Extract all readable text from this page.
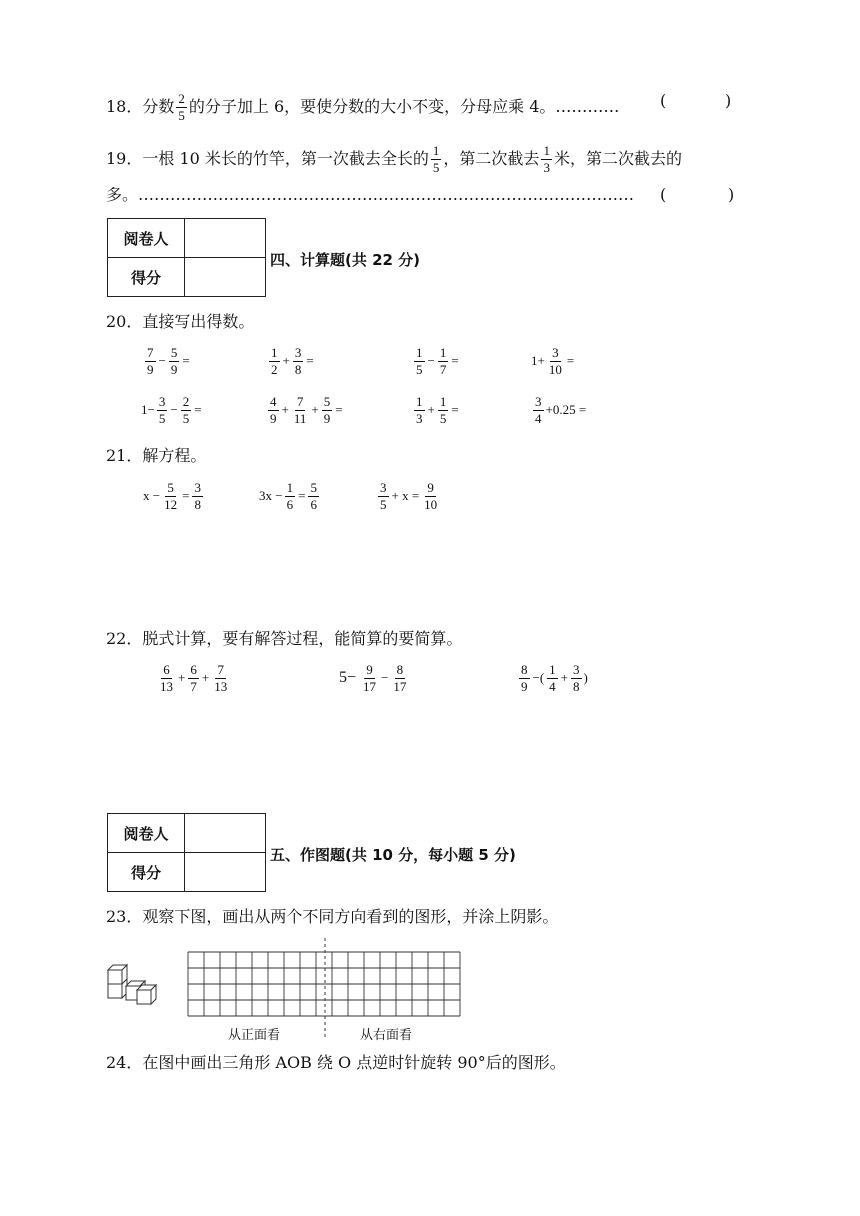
18． 分数 $\frac{2}{5}$ 的分子加上 6，要使分数的大小不变，分母应乘 4。…………	(	)
19． 一根 10 米长的竹竿，第一次截去全长的 $\frac{1}{5}$ ，第二次截去 $\frac{1}{3}$ 米，第二次截去的
多。…………………………………………………………………………………	(	)
阅卷人	
得分	
四、计算题(共 22 分)
20．直接写出得数。
$\frac{7}{9} - \frac{5}{9}$ =	$\frac{1}{2} + \frac{3}{8}$ =	$\frac{1}{5} - \frac{1}{7}$ =	$1+ \frac{3}{10}$ =
$1- \frac{3}{5} - \frac{2}{5}$ =	$\frac{4}{9} + \frac{7}{11} + \frac{5}{9}$ =	$\frac{1}{3} + \frac{1}{5}$ =	$\frac{3}{4} +0.25$ =
21．解方程。
$x - \frac{5}{12} = \frac{3}{8}$	$3x - \frac{1}{6} = \frac{5}{6}$	$\frac{3}{5} + x = \frac{9}{10}$
22．脱式计算，要有解答过程，能简算的要简算。
$\frac{6}{13} + \frac{6}{7} + \frac{7}{13}$	$5- \frac{9}{17} - \frac{8}{17}$	$\frac{8}{9}$ −( $\frac{1}{4} + \frac{3}{8}$ )
阅卷人	
得分	
五、作图题(共 10 分，每小题 5 分)
23．观察下图，画出从两个不同方向看到的图形，并涂上阴影。
从正面看	从右面看
24．在图中画出三角形 AOB 绕 O 点逆时针旋转 90°后的图形。
